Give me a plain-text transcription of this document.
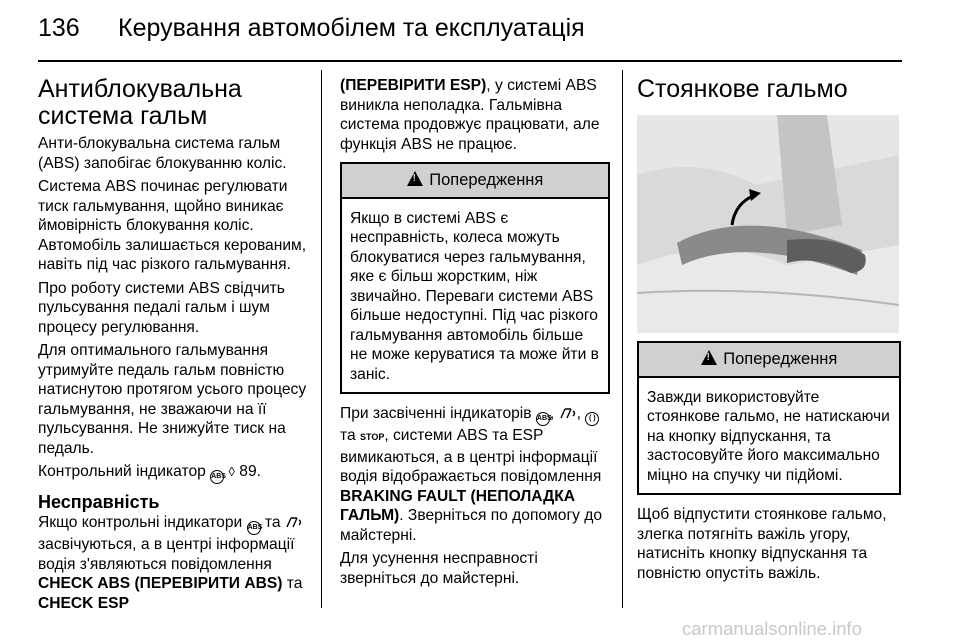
136 Керування автомобілем та експлуатація
Антиблокувальна система гальм

Анти-блокувальна система гальм (ABS) запобігає блокуванню коліс.

Система ABS починає регулювати тиск гальмування, щойно виникає ймовірність блокування коліс. Автомобіль залишається керованим, навіть під час різкого гальмування.

Про роботу системи ABS свідчить пульсування педалі гальм і шум процесу регулювання.

Для оптимального гальмування утримуйте педаль гальм повністю натиснутою протягом усього процесу гальмування, не зважаючи на її пульсування. Не знижуйте тиск на педаль.

Контрольний індикатор ABS ◊ 89.

Несправність

Якщо контрольні індикатори ABS та  засвічуються, а в центрі інформації водія з'являються повідомлення CHECK ABS (ПЕРЕВІРИТИ ABS) та CHECK ESP

(ПЕРЕВІРИТИ ESP), у системі ABS виникла неполадка. Гальмівна система продовжує працювати, але функція ABS не працює.

! Попередження
Якщо в системі ABS є несправність, колеса можуть блокуватися через гальмування, яке є більш жорстким, ніж звичайно. Переваги системи ABS більше недоступні. Під час різкого гальмування автомобіль більше не може керуватися та може йти в заніс.

При засвіченні індикаторів ABS, , ( ) та STOP, системи ABS та ESP вимикаються, а в центрі інформації водія відображається повідомлення BRAKING FAULT (НЕПОЛАДКА ГАЛЬМ). Зверніться по допомогу до майстерні.

Для усунення несправності зверніться до майстерні.

Стоянкове гальмо
! Попередження
Завжди використовуйте стоянкове гальмо, не натискаючи на кнопку відпускання, та застосовуйте його максимально міцно на спучку чи підйомі.

Щоб відпустити стоянкове гальмо, злегка потягніть важіль угору, натисніть кнопку відпускання та повністю опустіть важіль.

carmanualsonline.info
